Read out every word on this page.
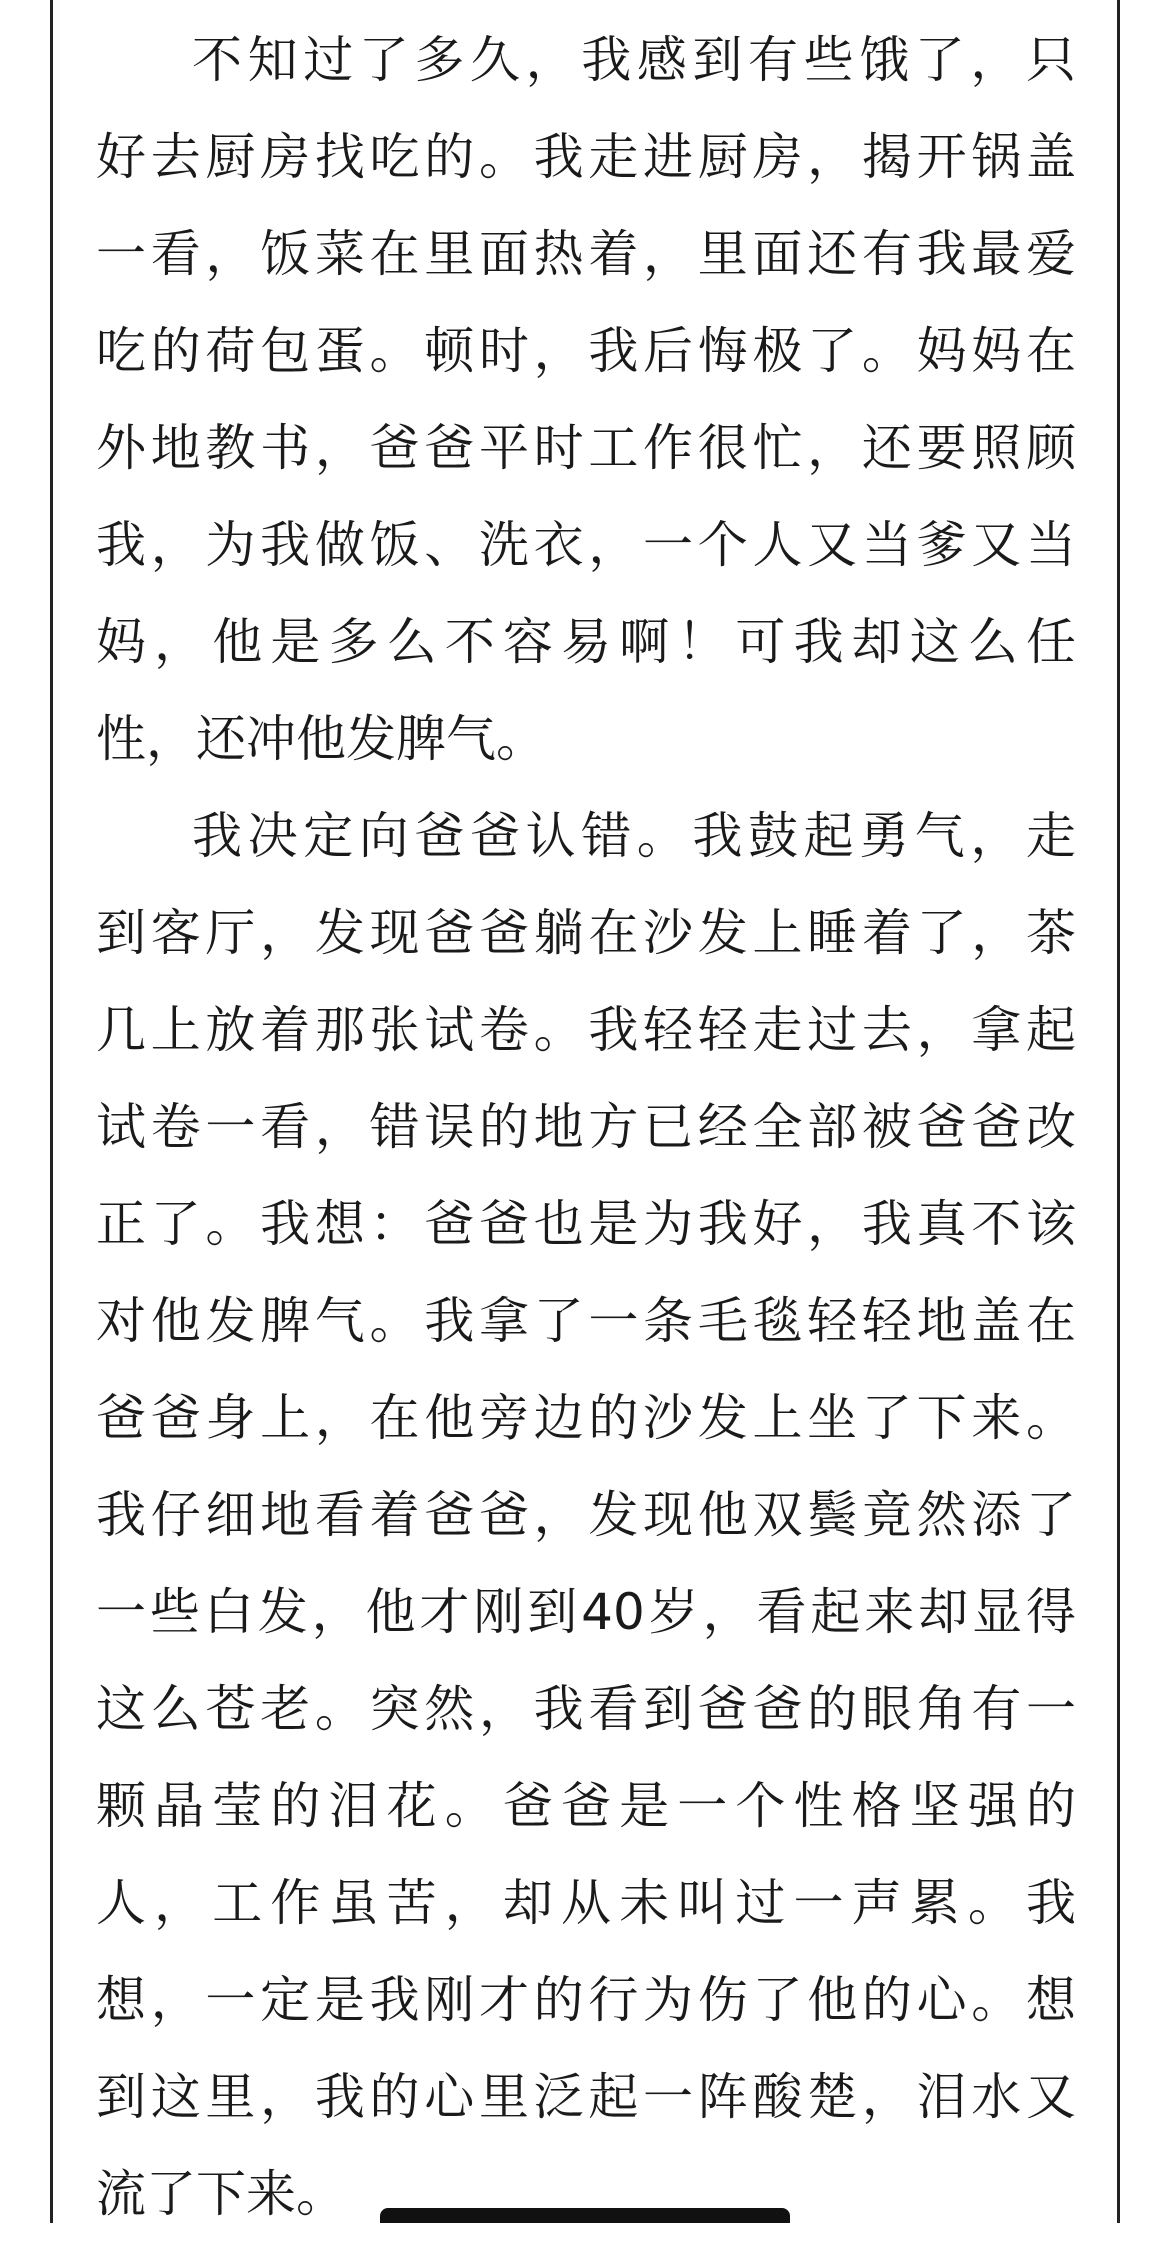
不知过了多久，我感到有些饿了，只
好去厨房找吃的。我走进厨房，揭开锅盖
一看，饭菜在里面热着，里面还有我最爱
吃的荷包蛋。顿时，我后悔极了。妈妈在
外地教书，爸爸平时工作很忙，还要照顾
我，为我做饭、洗衣，一个人又当爹又当
妈，他是多么不容易啊！可我却这么任
性，还冲他发脾气。
我决定向爸爸认错。我鼓起勇气，走
到客厅，发现爸爸躺在沙发上睡着了，茶
几上放着那张试卷。我轻轻走过去，拿起
试卷一看，错误的地方已经全部被爸爸改
正了。我想：爸爸也是为我好，我真不该
对他发脾气。我拿了一条毛毯轻轻地盖在
爸爸身上，在他旁边的沙发上坐了下来。
我仔细地看着爸爸，发现他双鬓竟然添了
一些白发，他才刚到40岁，看起来却显得
这么苍老。突然，我看到爸爸的眼角有一
颗晶莹的泪花。爸爸是一个性格坚强的
人，工作虽苦，却从未叫过一声累。我
想，一定是我刚才的行为伤了他的心。想
到这里，我的心里泛起一阵酸楚，泪水又
流了下来。
